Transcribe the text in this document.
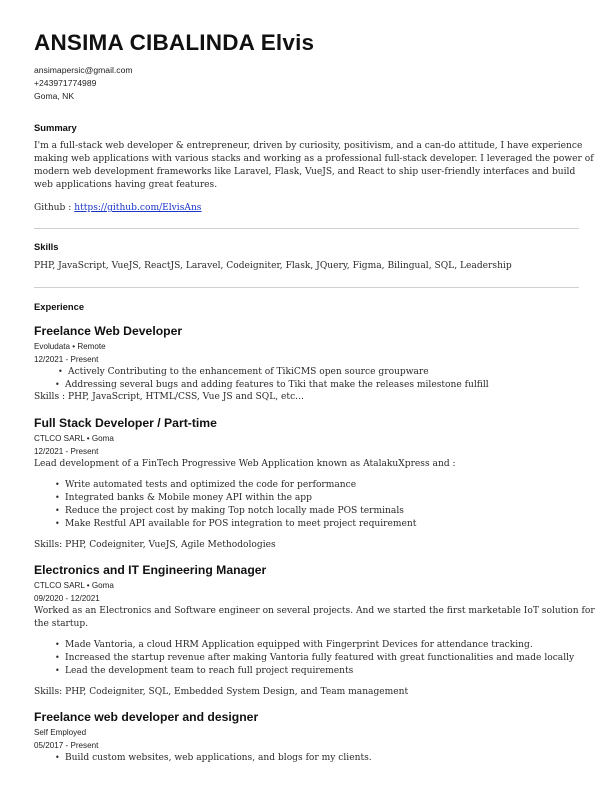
ANSIMA CIBALINDA Elvis
ansimapersic@gmail.com
+243971774989
Goma, NK
Summary
I'm a full-stack web developer & entrepreneur, driven by curiosity, positivism, and a can-do attitude, I have experience
making web applications with various stacks and working as a professional full-stack developer. I leveraged the power of
modern web development frameworks like Laravel, Flask, VueJS, and React to ship user-friendly interfaces and build
web applications having great features.
Github : https://github.com/ElvisAns
Skills
PHP, JavaScript, VueJS, ReactJS, Laravel, Codeigniter, Flask, JQuery, Figma, Bilingual, SQL, Leadership
Experience
Freelance Web Developer
Evoludata • Remote
12/2021 - Present
• Actively Contributing to the enhancement of TikiCMS open source groupware
• Addressing several bugs and adding features to Tiki that make the releases milestone fulfill
Skills : PHP, JavaScript, HTML/CSS, Vue JS and SQL, etc...
Full Stack Developer / Part-time
CTLCO SARL • Goma
12/2021 - Present
Lead development of a FinTech Progressive Web Application known as AtalakuXpress and :
• Write automated tests and optimized the code for performance
• Integrated banks & Mobile money API within the app
• Reduce the project cost by making Top notch locally made POS terminals
• Make Restful API available for POS integration to meet project requirement
Skills: PHP, Codeigniter, VueJS, Agile Methodologies
Electronics and IT Engineering Manager
CTLCO SARL • Goma
09/2020 - 12/2021
Worked as an Electronics and Software engineer on several projects. And we started the first marketable IoT solution for
the startup.
• Made Vantoria, a cloud HRM Application equipped with Fingerprint Devices for attendance tracking.
• Increased the startup revenue after making Vantoria fully featured with great functionalities and made locally
• Lead the development team to reach full project requirements
Skills: PHP, Codeigniter, SQL, Embedded System Design, and Team management
Freelance web developer and designer
Self Employed
05/2017 - Present
• Build custom websites, web applications, and blogs for my clients.
